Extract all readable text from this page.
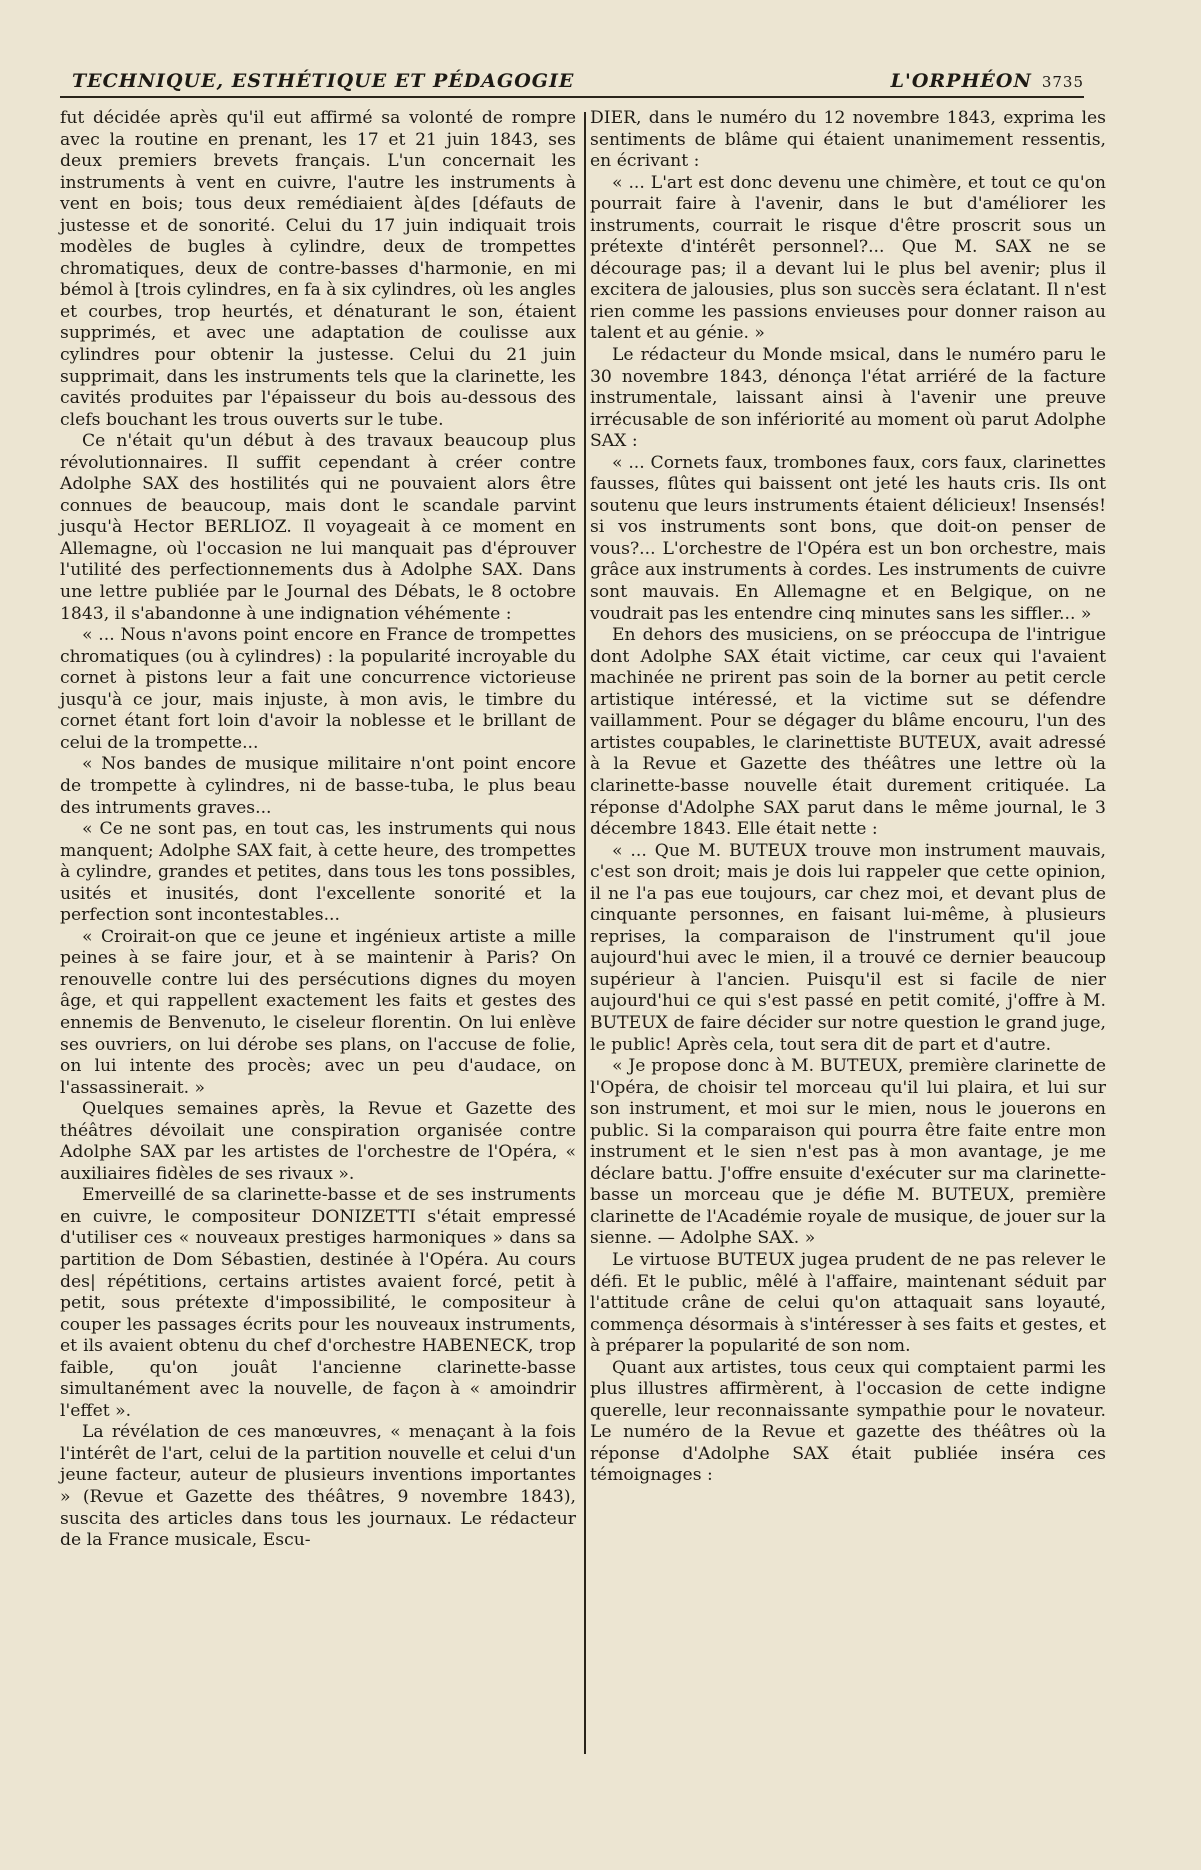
TECHNIQUE, ESTHÉTIQUE ET PÉDAGOGIE	L'ORPHÉON 3735

fut décidée après qu'il eut affirmé sa volonté de rompre avec la routine en prenant, les 17 et 21 juin 1843, ses deux premiers brevets français. L'un concernait les instruments à vent en cuivre, l'autre les instruments à vent en bois; tous deux remédiaient à[des [défauts de justesse et de sonorité. Celui du 17 juin indiquait trois modèles de bugles à cylindre, deux de trompettes chromatiques, deux de contre-basses d'harmonie, en mi bémol à [trois cylindres, en fa à six cylindres, où les angles et courbes, trop heurtés, et dénaturant le son, étaient supprimés, et avec une adaptation de coulisse aux cylindres pour obtenir la justesse. Celui du 21 juin supprimait, dans les instruments tels que la clarinette, les cavités produites par l'épaisseur du bois au-dessous des clefs bouchant les trous ouverts sur le tube.

Ce n'était qu'un début à des travaux beaucoup plus révolutionnaires. Il suffit cependant à créer contre Adolphe SAX des hostilités qui ne pouvaient alors être connues de beaucoup, mais dont le scandale parvint jusqu'à Hector BERLIOZ. Il voyageait à ce moment en Allemagne, où l'occasion ne lui manquait pas d'éprouver l'utilité des perfectionnements dus à Adolphe SAX. Dans une lettre publiée par le Journal des Débats, le 8 octobre 1843, il s'abandonne à une indignation véhémente :

« ... Nous n'avons point encore en France de trompettes chromatiques (ou à cylindres) : la popularité incroyable du cornet à pistons leur a fait une concurrence victorieuse jusqu'à ce jour, mais injuste, à mon avis, le timbre du cornet étant fort loin d'avoir la noblesse et le brillant de celui de la trompette...

« Nos bandes de musique militaire n'ont point encore de trompette à cylindres, ni de basse-tuba, le plus beau des intruments graves...

« Ce ne sont pas, en tout cas, les instruments qui nous manquent; Adolphe SAX fait, à cette heure, des trompettes à cylindre, grandes et petites, dans tous les tons possibles, usités et inusités, dont l'excellente sonorité et la perfection sont incontestables...

« Croirait-on que ce jeune et ingénieux artiste a mille peines à se faire jour, et à se maintenir à Paris? On renouvelle contre lui des persécutions dignes du moyen âge, et qui rappellent exactement les faits et gestes des ennemis de Benvenuto, le ciseleur florentin. On lui enlève ses ouvriers, on lui dérobe ses plans, on l'accuse de folie, on lui intente des procès; avec un peu d'audace, on l'assassinerait. »

Quelques semaines après, la Revue et Gazette des théâtres dévoilait une conspiration organisée contre Adolphe SAX par les artistes de l'orchestre de l'Opéra, « auxiliaires fidèles de ses rivaux ».

Emerveillé de sa clarinette-basse et de ses instruments en cuivre, le compositeur DONIZETTI s'était empressé d'utiliser ces « nouveaux prestiges harmoniques » dans sa partition de Dom Sébastien, destinée à l'Opéra. Au cours des| répétitions, certains artistes avaient forcé, petit à petit, sous prétexte d'impossibilité, le compositeur à couper les passages écrits pour les nouveaux instruments, et ils avaient obtenu du chef d'orchestre HABENECK, trop faible, qu'on jouât l'ancienne clarinette-basse simultanément avec la nouvelle, de façon à « amoindrir l'effet ».

La révélation de ces manœuvres, « menaçant à la fois l'intérêt de l'art, celui de la partition nouvelle et celui d'un jeune facteur, auteur de plusieurs inventions importantes » (Revue et Gazette des théâtres, 9 novembre 1843), suscita des articles dans tous les journaux. Le rédacteur de la France musicale, Escu-

DIER, dans le numéro du 12 novembre 1843, exprima les sentiments de blâme qui étaient unanimement ressentis, en écrivant :

« ... L'art est donc devenu une chimère, et tout ce qu'on pourrait faire à l'avenir, dans le but d'améliorer les instruments, courrait le risque d'être proscrit sous un prétexte d'intérêt personnel?... Que M. SAX ne se décourage pas; il a devant lui le plus bel avenir; plus il excitera de jalousies, plus son succès sera éclatant. Il n'est rien comme les passions envieuses pour donner raison au talent et au génie. »

Le rédacteur du Monde msical, dans le numéro paru le 30 novembre 1843, dénonça l'état arriéré de la facture instrumentale, laissant ainsi à l'avenir une preuve irrécusable de son infériorité au moment où parut Adolphe SAX :

« ... Cornets faux, trombones faux, cors faux, clarinettes fausses, flûtes qui baissent ont jeté les hauts cris. Ils ont soutenu que leurs instruments étaient délicieux! Insensés! si vos instruments sont bons, que doit-on penser de vous?... L'orchestre de l'Opéra est un bon orchestre, mais grâce aux instruments à cordes. Les instruments de cuivre sont mauvais. En Allemagne et en Belgique, on ne voudrait pas les entendre cinq minutes sans les siffler... »

En dehors des musiciens, on se préoccupa de l'intrigue dont Adolphe SAX était victime, car ceux qui l'avaient machinée ne prirent pas soin de la borner au petit cercle artistique intéressé, et la victime sut se défendre vaillamment. Pour se dégager du blâme encouru, l'un des artistes coupables, le clarinettiste BUTEUX, avait adressé à la Revue et Gazette des théâtres une lettre où la clarinette-basse nouvelle était durement critiquée. La réponse d'Adolphe SAX parut dans le même journal, le 3 décembre 1843. Elle était nette :

« ... Que M. BUTEUX trouve mon instrument mauvais, c'est son droit; mais je dois lui rappeler que cette opinion, il ne l'a pas eue toujours, car chez moi, et devant plus de cinquante personnes, en faisant lui-même, à plusieurs reprises, la comparaison de l'instrument qu'il joue aujourd'hui avec le mien, il a trouvé ce dernier beaucoup supérieur à l'ancien. Puisqu'il est si facile de nier aujourd'hui ce qui s'est passé en petit comité, j'offre à M. BUTEUX de faire décider sur notre question le grand juge, le public! Après cela, tout sera dit de part et d'autre.

« Je propose donc à M. BUTEUX, première clarinette de l'Opéra, de choisir tel morceau qu'il lui plaira, et lui sur son instrument, et moi sur le mien, nous le jouerons en public. Si la comparaison qui pourra être faite entre mon instrument et le sien n'est pas à mon avantage, je me déclare battu. J'offre ensuite d'exécuter sur ma clarinette-basse un morceau que je défie M. BUTEUX, première clarinette de l'Académie royale de musique, de jouer sur la sienne. — Adolphe SAX. »

Le virtuose BUTEUX jugea prudent de ne pas relever le défi. Et le public, mêlé à l'affaire, maintenant séduit par l'attitude crâne de celui qu'on attaquait sans loyauté, commença désormais à s'intéresser à ses faits et gestes, et à préparer la popularité de son nom.

Quant aux artistes, tous ceux qui comptaient parmi les plus illustres affirmèrent, à l'occasion de cette indigne querelle, leur reconnaissante sympathie pour le novateur. Le numéro de la Revue et gazette des théâtres où la réponse d'Adolphe SAX était publiée inséra ces témoignages :
